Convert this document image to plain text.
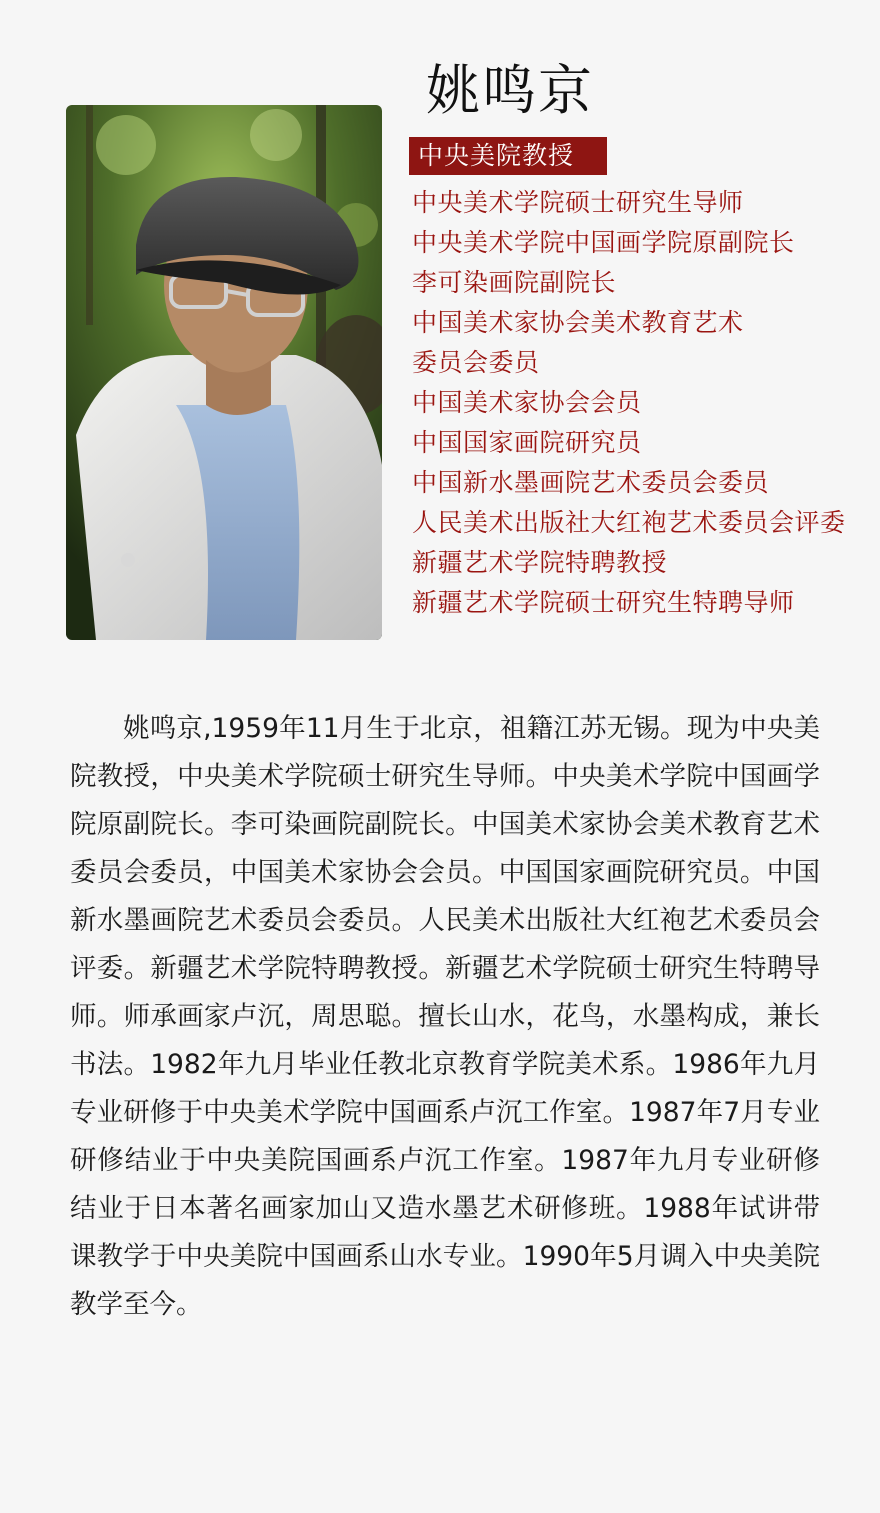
姚鸣京
中央美院教授
中央美术学院硕士研究生导师
中央美术学院中国画学院原副院长
李可染画院副院长
中国美术家协会美术教育艺术
委员会委员
中国美术家协会会员
中国国家画院研究员
中国新水墨画院艺术委员会委员
人民美术出版社大红袍艺术委员会评委
新疆艺术学院特聘教授
新疆艺术学院硕士研究生特聘导师

姚鸣京,1959年11月生于北京，祖籍江苏无锡。现为中央美院教授，中央美术学院硕士研究生导师。中央美术学院中国画学院原副院长。李可染画院副院长。中国美术家协会美术教育艺术委员会委员，中国美术家协会会员。中国国家画院研究员。中国新水墨画院艺术委员会委员。人民美术出版社大红袍艺术委员会评委。新疆艺术学院特聘教授。新疆艺术学院硕士研究生特聘导师。师承画家卢沉，周思聪。擅长山水，花鸟，水墨构成，兼长书法。1982年九月毕业任教北京教育学院美术系。1986年九月专业研修于中央美术学院中国画系卢沉工作室。1987年7月专业研修结业于中央美院国画系卢沉工作室。1987年九月专业研修结业于日本著名画家加山又造水墨艺术研修班。1988年试讲带课教学于中央美院中国画系山水专业。1990年5月调入中央美院教学至今。
